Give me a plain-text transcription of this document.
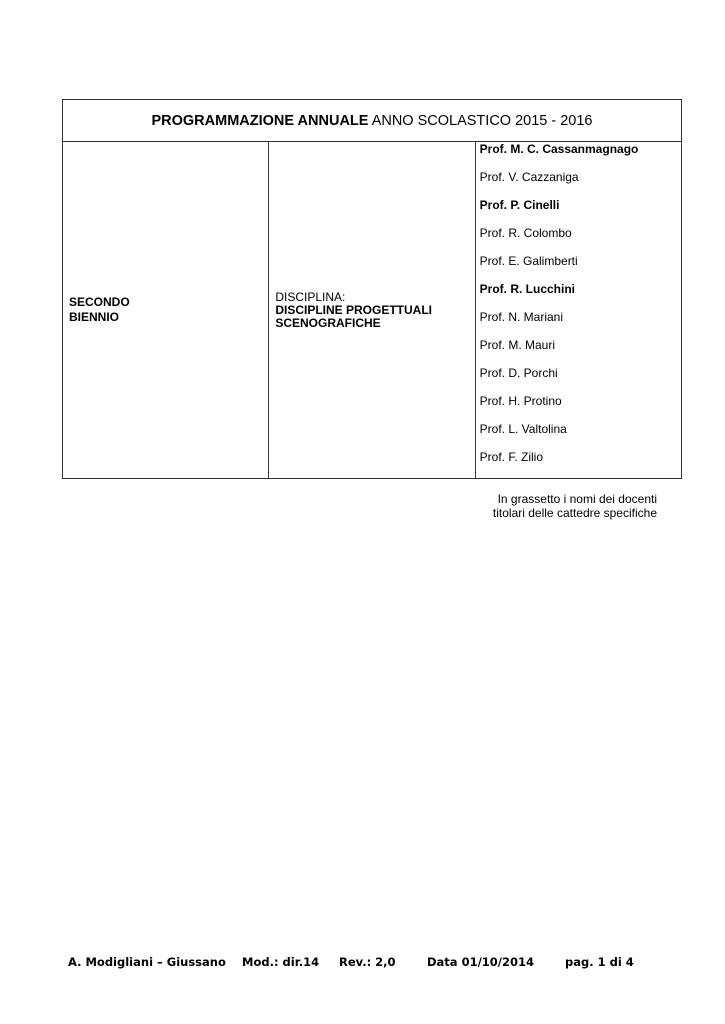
PROGRAMMAZIONE ANNUALE ANNO SCOLASTICO 2015 - 2016

SECONDO
BIENNIO

DISCIPLINA:
DISCIPLINE PROGETTUALI SCENOGRAFICHE

Prof. M. C. Cassanmagnago
Prof. V. Cazzaniga
Prof. P. Cinelli
Prof. R. Colombo
Prof. E. Galimberti
Prof. R. Lucchini
Prof. N. Mariani
Prof. M. Mauri
Prof. D. Porchi
Prof. H. Protino
Prof. L. Valtolina
Prof. F. Zilio
In grassetto i nomi dei docenti
titolari delle cattedre specifiche
A. Modigliani – Giussano Mod.: dir.14 Rev.: 2,0	Data 01/10/2014	pag. 1 di 4
